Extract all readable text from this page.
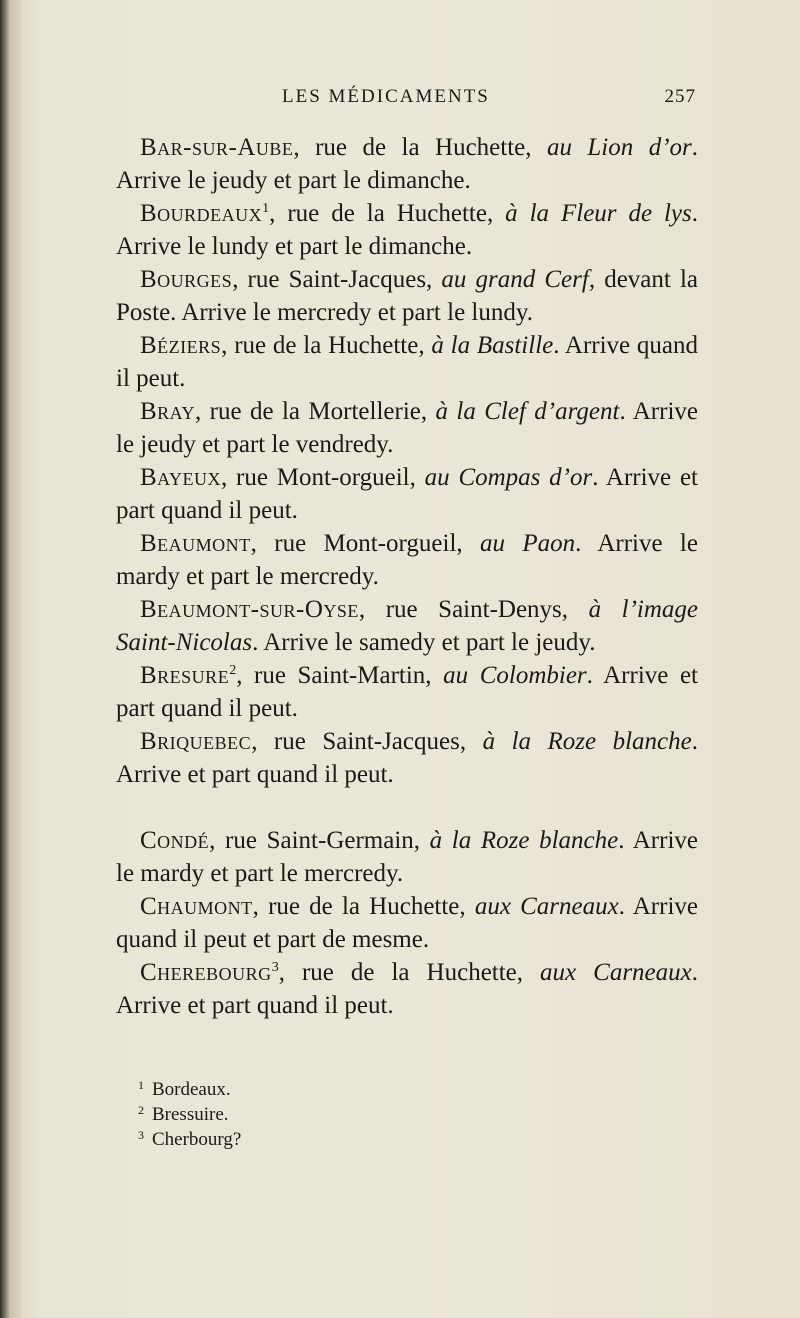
LES MÉDICAMENTS	257

Bar-sur-Aube, rue de la Huchette, au Lion d’or. Arrive le jeudy et part le dimanche.

Bourdeaux$^1$, rue de la Huchette, à la Fleur de lys. Arrive le lundy et part le dimanche.

Bourges, rue Saint-Jacques, au grand Cerf, devant la Poste. Arrive le mercredy et part le lundy.

Béziers, rue de la Huchette, à la Bastille. Arrive quand il peut.

Bray, rue de la Mortellerie, à la Clef d’argent. Arrive le jeudy et part le vendredy.

Bayeux, rue Mont-orgueil, au Compas d’or. Arrive et part quand il peut.

Beaumont, rue Mont-orgueil, au Paon. Arrive le mardy et part le mercredy.

Beaumont-sur-Oyse, rue Saint-Denys, à l’image Saint-Nicolas. Arrive le samedy et part le jeudy.

Bresure$^2$, rue Saint-Martin, au Colombier. Arrive et part quand il peut.

Briquebec, rue Saint-Jacques, à la Roze blanche. Arrive et part quand il peut.

Condé, rue Saint-Germain, à la Roze blanche. Arrive le mardy et part le mercredy.

Chaumont, rue de la Huchette, aux Carneaux. Arrive quand il peut et part de mesme.

Cherebourg$^3$, rue de la Huchette, aux Carneaux. Arrive et part quand il peut.

$^1$ Bordeaux.
$^2$ Bressuire.
$^3$ Cherbourg?
